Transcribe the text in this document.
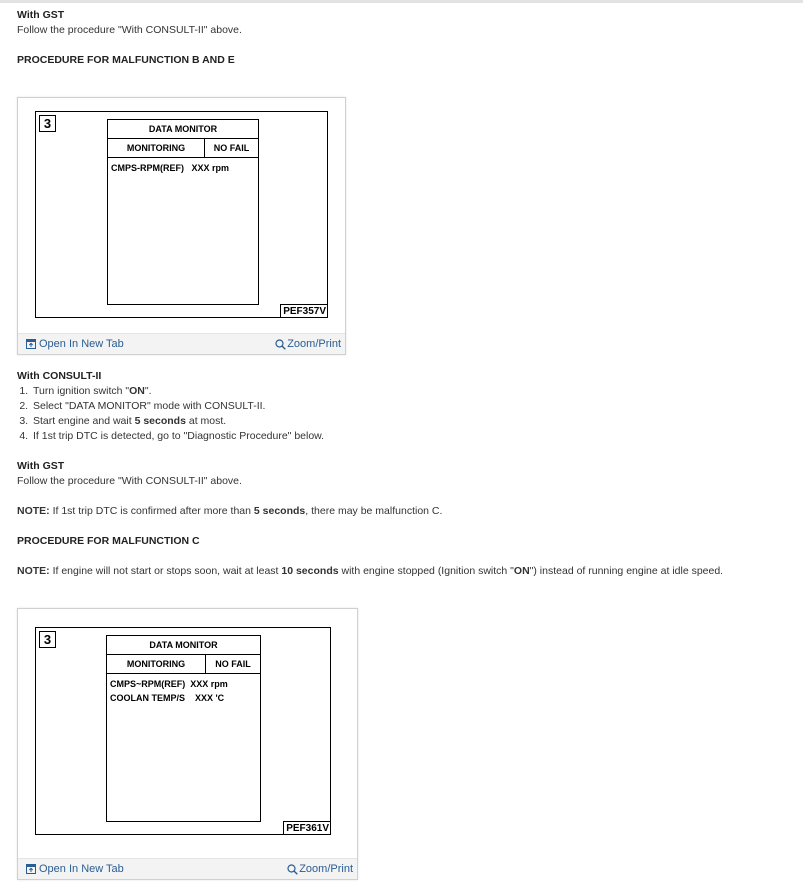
With GST
Follow the procedure "With CONSULT-II" above.
PROCEDURE FOR MALFUNCTION B AND E
3	DATA MONITOR
MONITORING	NO FAIL
CMPS-RPM(REF)   XXX rpm
PEF357V
Open In New Tab	Zoom/Print
With CONSULT-II
1. Turn ignition switch "ON".
2. Select "DATA MONITOR" mode with CONSULT-II.
3. Start engine and wait 5 seconds at most.
4. If 1st trip DTC is detected, go to "Diagnostic Procedure" below.
With GST
Follow the procedure "With CONSULT-II" above.
NOTE: If 1st trip DTC is confirmed after more than 5 seconds, there may be malfunction C.
PROCEDURE FOR MALFUNCTION C
NOTE: If engine will not start or stops soon, wait at least 10 seconds with engine stopped (Ignition switch "ON") instead of running engine at idle speed.
3	DATA MONITOR
MONITORING	NO FAIL
CMPS~RPM(REF)  XXX rpm
COOLAN TEMP/S    XXX 'C
PEF361V
Open In New Tab	Zoom/Print
